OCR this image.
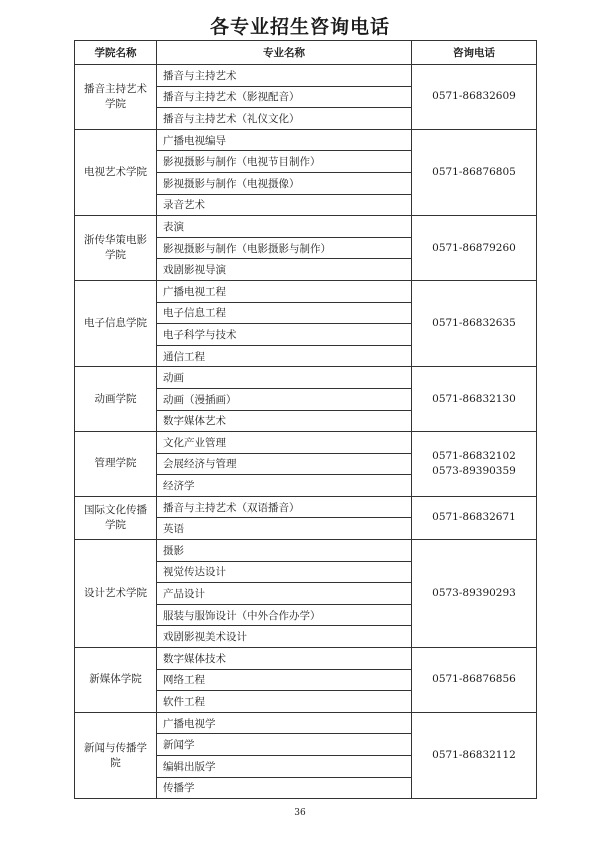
各专业招生咨询电话
学院名称	专业名称	咨询电话
播音主持艺术学院	播音与主持艺术	0571-86832609

	播音与主持艺术（影视配音）	
	播音与主持艺术（礼仪文化）	
电视艺术学院	广播电视编导	0571-86876805

	影视摄影与制作（电视节目制作）	
	影视摄影与制作（电视摄像）	
	录音艺术	
浙传华策电影学院	表演	0571-86879260

	影视摄影与制作（电影摄影与制作）	
	戏剧影视导演	
电子信息学院	广播电视工程	0571-86832635

	电子信息工程	
	电子科学与技术	
	通信工程	
动画学院	动画	0571-86832130

	动画（漫插画）	
	数字媒体艺术	
管理学院	文化产业管理	0571-86832102
0573-89390359

	会展经济与管理	
	经济学	
国际文化传播学院	播音与主持艺术（双语播音）	0571-86832671

	英语	
设计艺术学院	摄影	0573-89390293

	视觉传达设计	
	产品设计	
	服装与服饰设计（中外合作办学）	
	戏剧影视美术设计	
新媒体学院	数字媒体技术	0571-86876856

	网络工程	
	软件工程	
新闻与传播学院	广播电视学	0571-86832112

	新闻学	
	编辑出版学	
	传播学	
36
